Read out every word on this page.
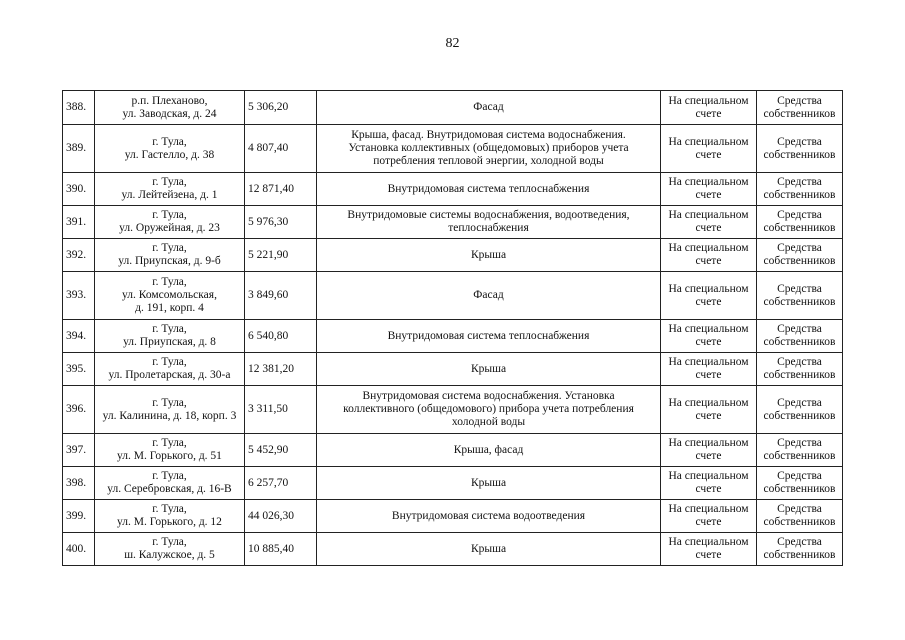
82
388.	р.п. Плеханово,
ул. Заводская, д. 24	5 306,20	Фасад	На специальном
счете	Средства
собственников

389.	г. Тула,
ул. Гастелло, д. 38	4 807,40	Крыша, фасад. Внутридомовая система водоснабжения.
Установка коллективных (общедомовых) приборов учета
потребления тепловой энергии, холодной воды	На специальном
счете	Средства
собственников

390.	г. Тула,
ул. Лейтейзена, д. 1	12 871,40	Внутридомовая система теплоснабжения	На специальном
счете	Средства
собственников

391.	г. Тула,
ул. Оружейная, д. 23	5 976,30	Внутридомовые системы водоснабжения, водоотведения,
теплоснабжения	На специальном
счете	Средства
собственников

392.	г. Тула,
ул. Приупская, д. 9-б	5 221,90	Крыша	На специальном
счете	Средства
собственников

393.	г. Тула,
ул. Комсомольская,
д. 191, корп. 4	3 849,60	Фасад	На специальном
счете	Средства
собственников

394.	г. Тула,
ул. Приупская, д. 8	6 540,80	Внутридомовая система теплоснабжения	На специальном
счете	Средства
собственников

395.	г. Тула,
ул. Пролетарская, д. 30-а	12 381,20	Крыша	На специальном
счете	Средства
собственников

396.	г. Тула,
ул. Калинина, д. 18, корп. 3	3 311,50	Внутридомовая система водоснабжения. Установка
коллективного (общедомового) прибора учета потребления
холодной воды	На специальном
счете	Средства
собственников

397.	г. Тула,
ул. М. Горького, д. 51	5 452,90	Крыша, фасад	На специальном
счете	Средства
собственников

398.	г. Тула,
ул. Серебровская, д. 16-В	6 257,70	Крыша	На специальном
счете	Средства
собственников

399.	г. Тула,
ул. М. Горького, д. 12	44 026,30	Внутридомовая система водоотведения	На специальном
счете	Средства
собственников

400.	г. Тула,
ш. Калужское, д. 5	10 885,40	Крыша	На специальном
счете	Средства
собственников
